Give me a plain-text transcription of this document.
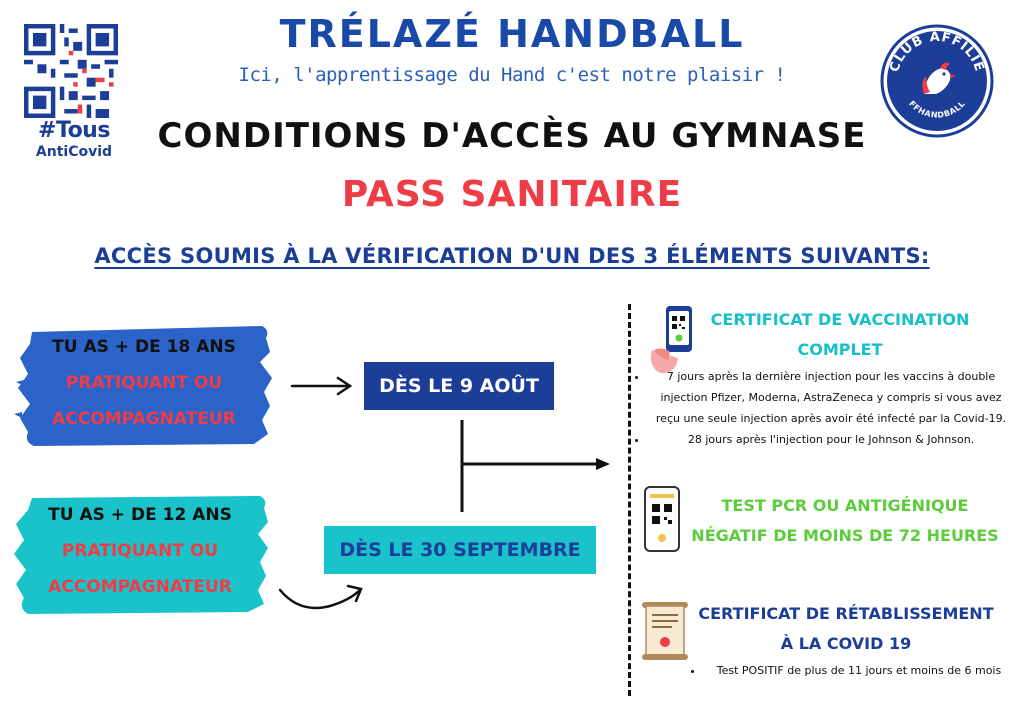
#Tous
AntiCovid
TRÉLAZÉ HANDBALL
Ici, l'apprentissage du Hand c'est notre plaisir !	CLUB AFFILIÉ
FFHANDBALL
CONDITIONS D'ACCÈS AU GYMNASE
PASS SANITAIRE
ACCÈS SOUMIS À LA VÉRIFICATION D'UN DES 3 ÉLÉMENTS SUIVANTS:
TU AS + DE 18 ANS
PRATIQUANT OU
ACCOMPAGNATEUR
TU AS + DE 12 ANS
PRATIQUANT OU
ACCOMPAGNATEUR
DÈS LE 9 AOÛT
DÈS LE 30 SEPTEMBRE
CERTIFICAT DE VACCINATION
COMPLET
• 7 jours après la dernière injection pour les vaccins à double injection Pfizer, Moderna, AstraZeneca y compris si vous avez reçu une seule injection après avoir été infecté par la Covid-19.
• 28 jours après l'injection pour le Johnson & Johnson.
TEST PCR OU ANTIGÉNIQUE
NÉGATIF DE MOINS DE 72 HEURES
CERTIFICAT DE RÉTABLISSEMENT
À LA COVID 19
• Test POSITIF de plus de 11 jours et moins de 6 mois
